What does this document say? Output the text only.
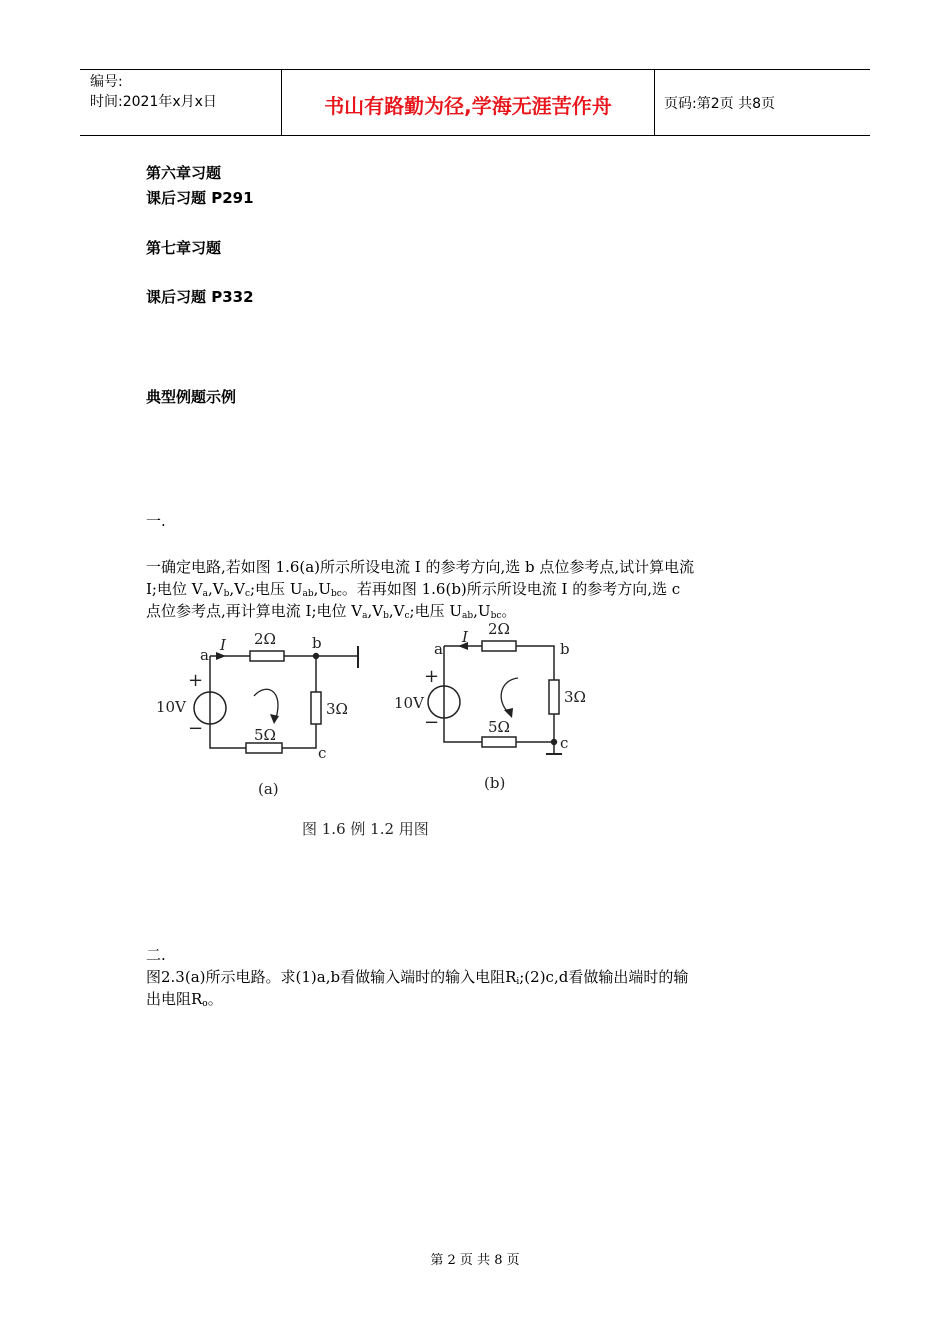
编号:
时间:2021年x月x日	书山有路勤为径,学海无涯苦作舟	页码:第2页 共8页
第六章习题
课后习题 P291
第七章习题
课后习题 P332
典型例题示例
一.
一确定电路,若如图 1.6(a)所示所设电流 I 的参考方向,选 b 点位参考点,试计算电流
I;电位 $V_a,V_b,V_c$;电压 $U_{ab},U_{bc}$。若再如图 1.6(b)所示所设电流 I 的参考方向,选 c
点位参考点,再计算电流 I;电位 $V_a,V_b,V_c$;电压 $U_{ab},U_{bc}$。
a
I 2Ω b
3Ω
5Ω
c
+
10V
−
(a)
a
I 2Ω
b
3Ω
5Ω
c
+
10V
−
(b)
图 1.6 例 1.2 用图
二.
图2.3(a)所示电路。求(1)a,b看做输入端时的输入电阻$R_i;(2)c,d$看做输出端时的输
出电阻$R_o$。
第 2 页 共 8 页
